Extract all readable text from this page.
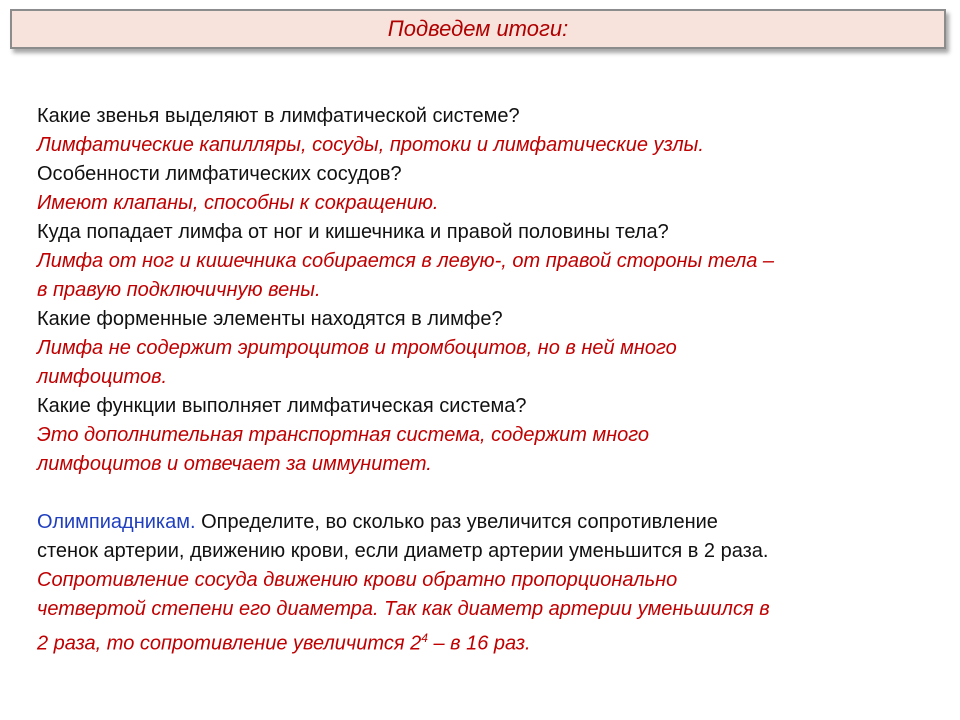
Подведем итоги:
Какие звенья выделяют в лимфатической системе?
Лимфатические капилляры, сосуды, протоки и лимфатические узлы.
Особенности лимфатических сосудов?
Имеют клапаны, способны к сокращению.
Куда попадает лимфа от ног и кишечника и правой половины тела?
Лимфа от ног и кишечника собирается в левую-, от правой стороны тела –
в правую подключичную вены.
Какие форменные элементы находятся в лимфе?
Лимфа не содержит эритроцитов и тромбоцитов, но в ней много
лимфоцитов.
Какие функции выполняет лимфатическая система?
Это дополнительная транспортная система, содержит много
лимфоцитов и отвечает за иммунитет.
Олимпиадникам. Определите, во сколько раз увеличится сопротивление
стенок артерии, движению крови, если диаметр артерии уменьшится в 2 раза.
Сопротивление сосуда движению крови обратно пропорционально
четвертой степени его диаметра. Так как диаметр артерии уменьшился в
2 раза, то сопротивление увеличится $2^4$ – в 16 раз.
